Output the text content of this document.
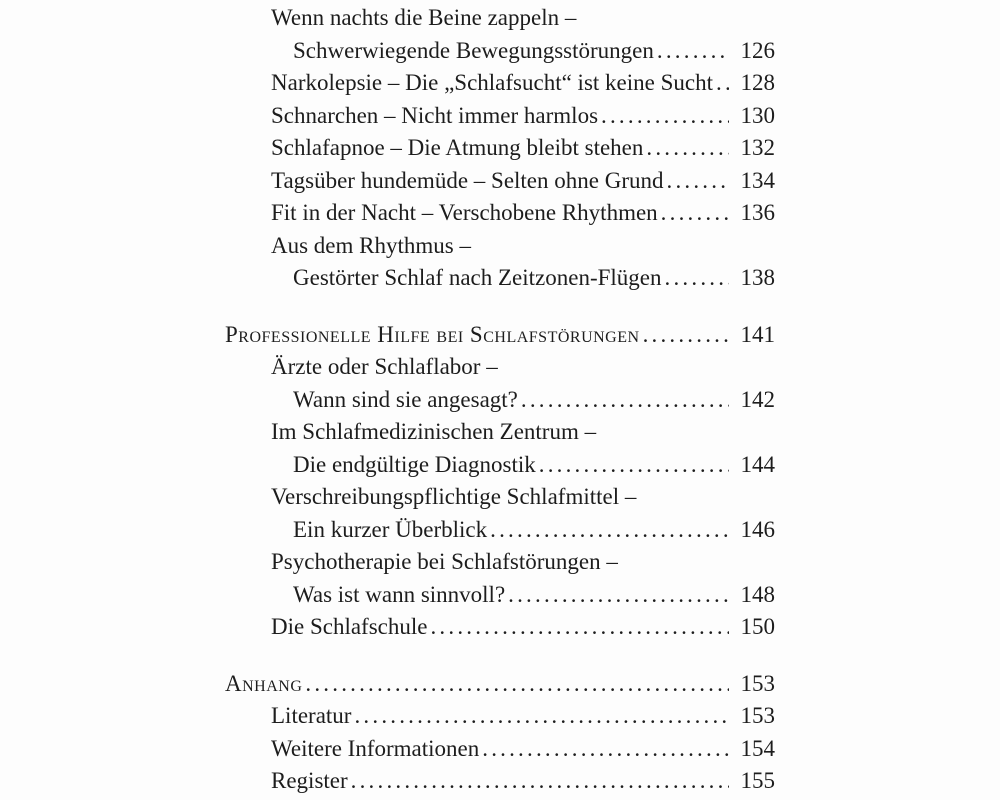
Wenn nachts die Beine zappeln –
Schwerwiegende Bewegungsstörungen .....	126
Narkolepsie – Die „Schlafsucht“ ist keine Sucht ..... 128
Schnarchen – Nicht immer harmlos .....	130
Schlafapnoe – Die Atmung bleibt stehen .....	132
Tagsüber hundemüde – Selten ohne Grund .....	134
Fit in der Nacht – Verschobene Rhythmen .....	136
Aus dem Rhythmus –
Gestörter Schlaf nach Zeitzonen-Flügen .....	138
Professionelle Hilfe bei Schlafstörungen .....	141
Ärzte oder Schlaflabor –
Wann sind sie angesagt? .....	142
Im Schlafmedizinischen Zentrum –
Die endgültige Diagnostik .....	144
Verschreibungspflichtige Schlafmittel –
Ein kurzer Überblick .....	146
Psychotherapie bei Schlafstörungen –
Was ist wann sinnvoll? .....	148
Die Schlafschule .....	150
Anhang .....	153
Literatur .....	153
Weitere Informationen .....	154
Register .....	155
